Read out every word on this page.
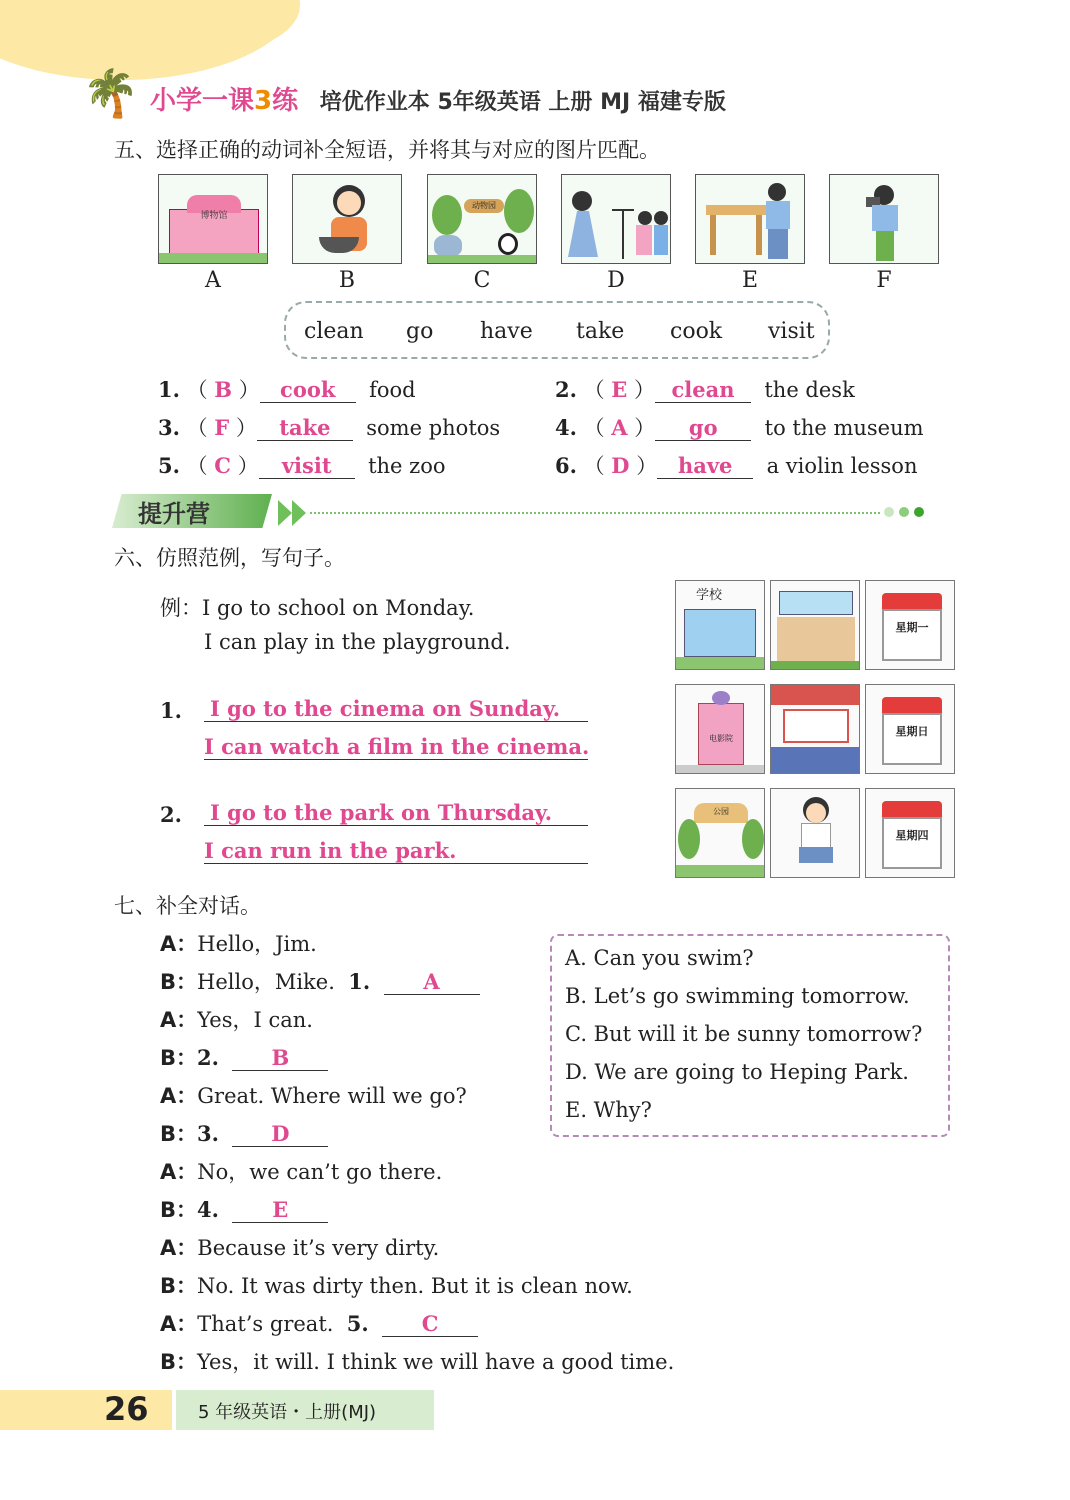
🌴 小学一课3练 培优作业本 5年级英语 上册 MJ 福建专版
五、选择正确的动词补全短语，并将其与对应的图片匹配。
博物馆
动物园
A	B	C	D	E	F
clean go have take cook visit
1. （ B ） cook food	2. （ E ） clean the desk
3. （ F ） take some photos	4. （ A ） go to the museum
5. （ C ） visit the zoo	6. （ D ） have a violin lesson
提升营
六、仿照范例，写句子。
例：I go to school on Monday.
I can play in the playground.
学校
星期一
1. I go to the cinema on Sunday.
I can watch a film in the cinema.	电影院
星期日
2. I go to the park on Thursday.
I can run in the park.
公园
星期四
七、补全对话。
A：Hello，Jim.
B：Hello，Mike. 1.	A
A：Yes，I can.
B：2. B
A：Great. Where will we go?
B：3. D
A：No，we can’t go there.
B：4.	E
A：Because it’s very dirty.
B：No. It was dirty then. But it is clean now.
A：That’s great. 5.	C
B：Yes，it will. I think we will have a good time.
A. Can you swim?
B. Let’s go swimming tomorrow.
C. But will it be sunny tomorrow?
D. We are going to Heping Park.
E. Why?
26	5 年级英语・上册(MJ)
